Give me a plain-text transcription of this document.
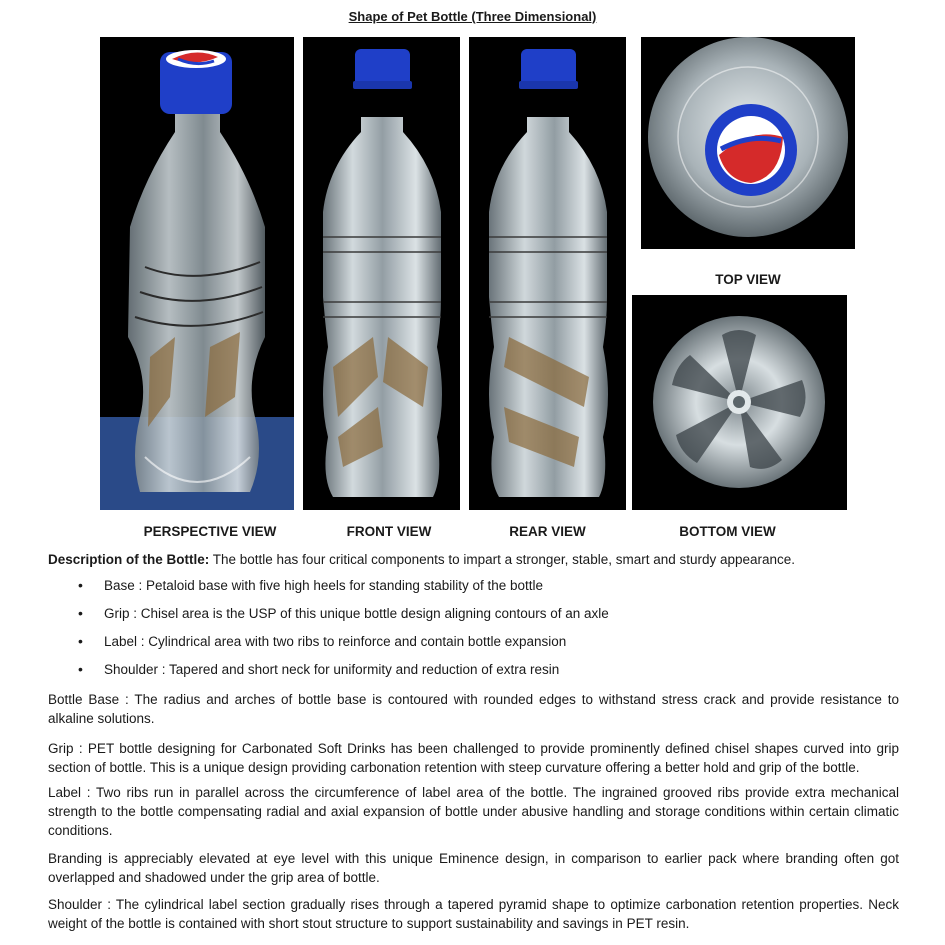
Shape of Pet Bottle (Three Dimensional)
TOP VIEW
PERSPECTIVE VIEW	FRONT VIEW	REAR VIEW	BOTTOM VIEW
Description of the Bottle: The bottle has four critical components to impart a stronger, stable, smart and sturdy appearance.
• Base : Petaloid base with five high heels for standing stability of the bottle
• Grip : Chisel area is the USP of this unique bottle design aligning contours of an axle
• Label : Cylindrical area with two ribs to reinforce and contain bottle expansion
• Shoulder : Tapered and short neck for uniformity and reduction of extra resin
Bottle Base : The radius and arches of bottle base is contoured with rounded edges to withstand stress crack and provide resistance to alkaline solutions.
Grip : PET bottle designing for Carbonated Soft Drinks has been challenged to provide prominently defined chisel shapes curved into grip section of bottle. This is a unique design providing carbonation retention with steep curvature offering a better hold and grip of the bottle.
Label : Two ribs run in parallel across the circumference of label area of the bottle. The ingrained grooved ribs provide extra mechanical strength to the bottle compensating radial and axial expansion of bottle under abusive handling and storage conditions within certain climatic conditions.
Branding is appreciably elevated at eye level with this unique Eminence design, in comparison to earlier pack where branding often got overlapped and shadowed under the grip area of bottle.
Shoulder : The cylindrical label section gradually rises through a tapered pyramid shape to optimize carbonation retention properties. Neck weight of the bottle is contained with short stout structure to support sustainability and savings in PET resin.
